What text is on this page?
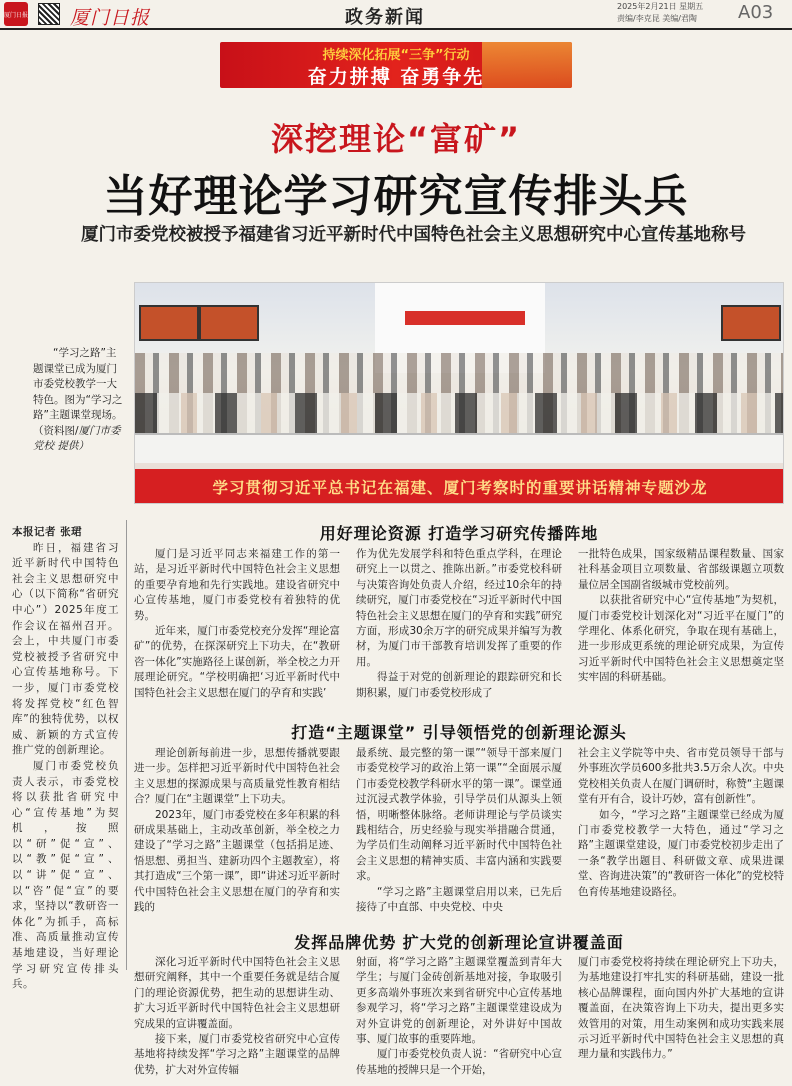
厦门日报 厦门日报	政务新闻
2025年2月21日 星期五
责编/李克昆 美编/君陶 A03
持续深化拓展“三争”行动
奋力拼搏 奋勇争先
深挖理论“富矿”
当好理论学习研究宣传排头兵
厦门市委党校被授予福建省习近平新时代中国特色社会主义思想研究中心宣传基地称号
学习贯彻习近平总书记在福建、厦门考察时的重要讲话精神专题沙龙
“学习之路”主题课堂已成为厦门市委党校教学一大特色。图为“学习之路”主题课堂现场。（资料图/厦门市委党校 提供）

本报记者 张珺

昨日，福建省习近平新时代中国特色社会主义思想研究中心（以下简称“省研究中心”）2025年度工作会议在福州召开。会上，中共厦门市委党校被授予省研究中心宣传基地称号。下一步，厦门市委党校将发挥党校“红色智库”的独特优势，以权威、新颖的方式宣传推广党的创新理论。

厦门市委党校负责人表示，市委党校将以获批省研究中心“宣传基地”为契机，按照以“研”促“宣”、以“教”促“宣”、以“讲”促“宣”、以“咨”促“宣”的要求，坚持以“教研咨一体化”为抓手，高标准、高质量推动宣传基地建设，当好理论学习研究宣传排头兵。

用好理论资源 打造学习研究传播阵地

厦门是习近平同志来福建工作的第一站，是习近平新时代中国特色社会主义思想的重要孕育地和先行实践地。建设省研究中心宣传基地，厦门市委党校有着独特的优势。

近年来，厦门市委党校充分发挥“理论富矿”的优势，在探深研究上下功夫，在“教研咨一体化”实施路径上谋创新，举全校之力开展理论研究。“学校明确把‘习近平新时代中国特色社会主义思想在厦门的孕育和实践’

作为优先发展学科和特色重点学科，在理论研究上一以贯之、推陈出新。”市委党校科研与决策咨询处负责人介绍，经过10余年的持续研究，厦门市委党校在“习近平新时代中国特色社会主义思想在厦门的孕育和实践”研究方面，形成30余万字的研究成果并编写为教材，为厦门市干部教育培训发挥了重要的作用。

得益于对党的创新理论的跟踪研究和长期积累，厦门市委党校形成了

一批特色成果，国家级精品课程数量、国家社科基金项目立项数量、省部级课题立项数量位居全国副省级城市党校前列。

以获批省研究中心“宣传基地”为契机，厦门市委党校计划深化对“习近平在厦门”的学理化、体系化研究，争取在现有基础上，进一步形成更系统的理论研究成果，为宣传习近平新时代中国特色社会主义思想奠定坚实牢固的科研基础。

打造“主题课堂” 引导领悟党的创新理论源头

理论创新每前进一步，思想传播就要跟进一步。怎样把习近平新时代中国特色社会主义思想的探源成果与高质量党性教育相结合？厦门在“主题课堂”上下功夫。

2023年，厦门市委党校在多年积累的科研成果基础上，主动改革创新，举全校之力建设了“学习之路”主题课堂（包括捐足迹、悟思想、勇担当、建新功四个主题教室），将其打造成“三个第一课”，即“讲述习近平新时代中国特色社会主义思想在厦门的孕育和实践的

最系统、最完整的第一课”“领导干部来厦门市委党校学习的政治上第一课”“全面展示厦门市委党校教学科研水平的第一课”。课堂通过沉浸式教学体验，引导学员们从源头上领悟，明晰整体脉络。老师讲理论与学员谈实践相结合，历史经验与现实举措融合贯通，为学员们生动阐释习近平新时代中国特色社会主义思想的精神实质、丰富内涵和实践要求。

“学习之路”主题课堂启用以来，已先后接待了中直部、中央党校、中央

社会主义学院等中央、省市党员领导干部与外事班次学员600多批共3.5万余人次。中央党校相关负责人在厦门调研时，称赞“主题课堂有开有合，设计巧妙，富有创新性”。

如今，“学习之路”主题课堂已经成为厦门市委党校教学一大特色，通过“学习之路”主题课堂建设，厦门市委党校初步走出了一条“教学出题目、科研做文章、成果进课堂、咨询进决策”的“教研咨一体化”的党校特色育传基地建设路径。

发挥品牌优势 扩大党的创新理论宣讲覆盖面

深化习近平新时代中国特色社会主义思想研究阐释，其中一个重要任务就是结合厦门的理论资源优势，把生动的思想讲生动、扩大习近平新时代中国特色社会主义思想研究成果的宣讲覆盖面。

接下来，厦门市委党校省研究中心宣传基地将持续发挥“学习之路”主题课堂的品牌优势，扩大对外宣传辐

射面，将“学习之路”主题课堂覆盖到青年大学生；与厦门金砖创新基地对接，争取吸引更多高端外事班次来到省研究中心宣传基地参观学习，将“学习之路”主题课堂建设成为对外宣讲党的创新理论，对外讲好中国故事、厦门故事的重要阵地。

厦门市委党校负责人说：“省研究中心宣传基地的授牌只是一个开始，

厦门市委党校将持续在理论研究上下功夫，为基地建设打牢扎实的科研基础，建设一批核心品牌课程，面向国内外扩大基地的宣讲覆盖面，在决策咨询上下功夫，提出更多实效管用的对策，用生动案例和成功实践来展示习近平新时代中国特色社会主义思想的真理力量和实践伟力。”
